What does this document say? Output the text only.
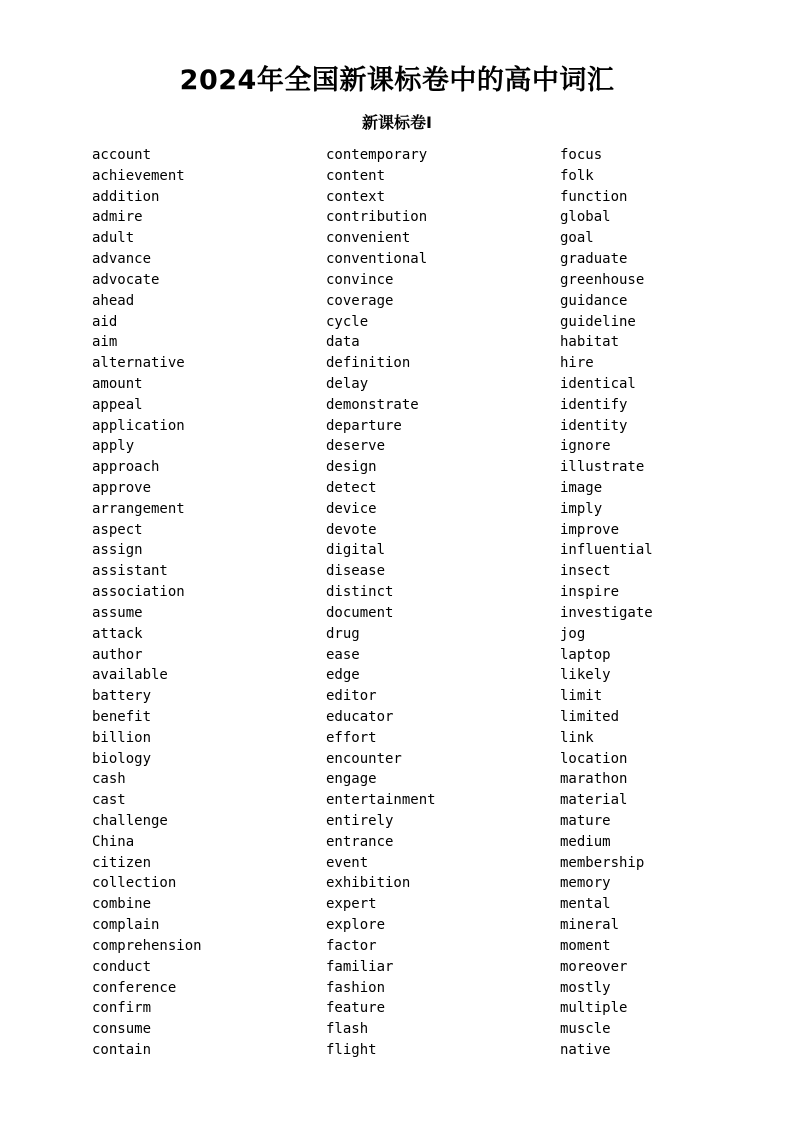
2024年全国新课标卷中的高中词汇
新课标卷I
account
achievement
addition
admire
adult
advance
advocate
ahead
aid
aim
alternative
amount
appeal
application
apply
approach
approve
arrangement
aspect
assign
assistant
association
assume
attack
author
available
battery
benefit
billion
biology
cash
cast
challenge
China
citizen
collection
combine
complain
comprehension
conduct
conference
confirm
consume
contain
contemporary
content
context
contribution
convenient
conventional
convince
coverage
cycle
data
definition
delay
demonstrate
departure
deserve
design
detect
device
devote
digital
disease
distinct
document
drug
ease
edge
editor
educator
effort
encounter
engage
entertainment
entirely
entrance
event
exhibition
expert
explore
factor
familiar
fashion
feature
flash
flight
focus
folk
function
global
goal
graduate
greenhouse
guidance
guideline
habitat
hire
identical
identify
identity
ignore
illustrate
image
imply
improve
influential
insect
inspire
investigate
jog
laptop
likely
limit
limited
link
location
marathon
material
mature
medium
membership
memory
mental
mineral
moment
moreover
mostly
multiple
muscle
native
